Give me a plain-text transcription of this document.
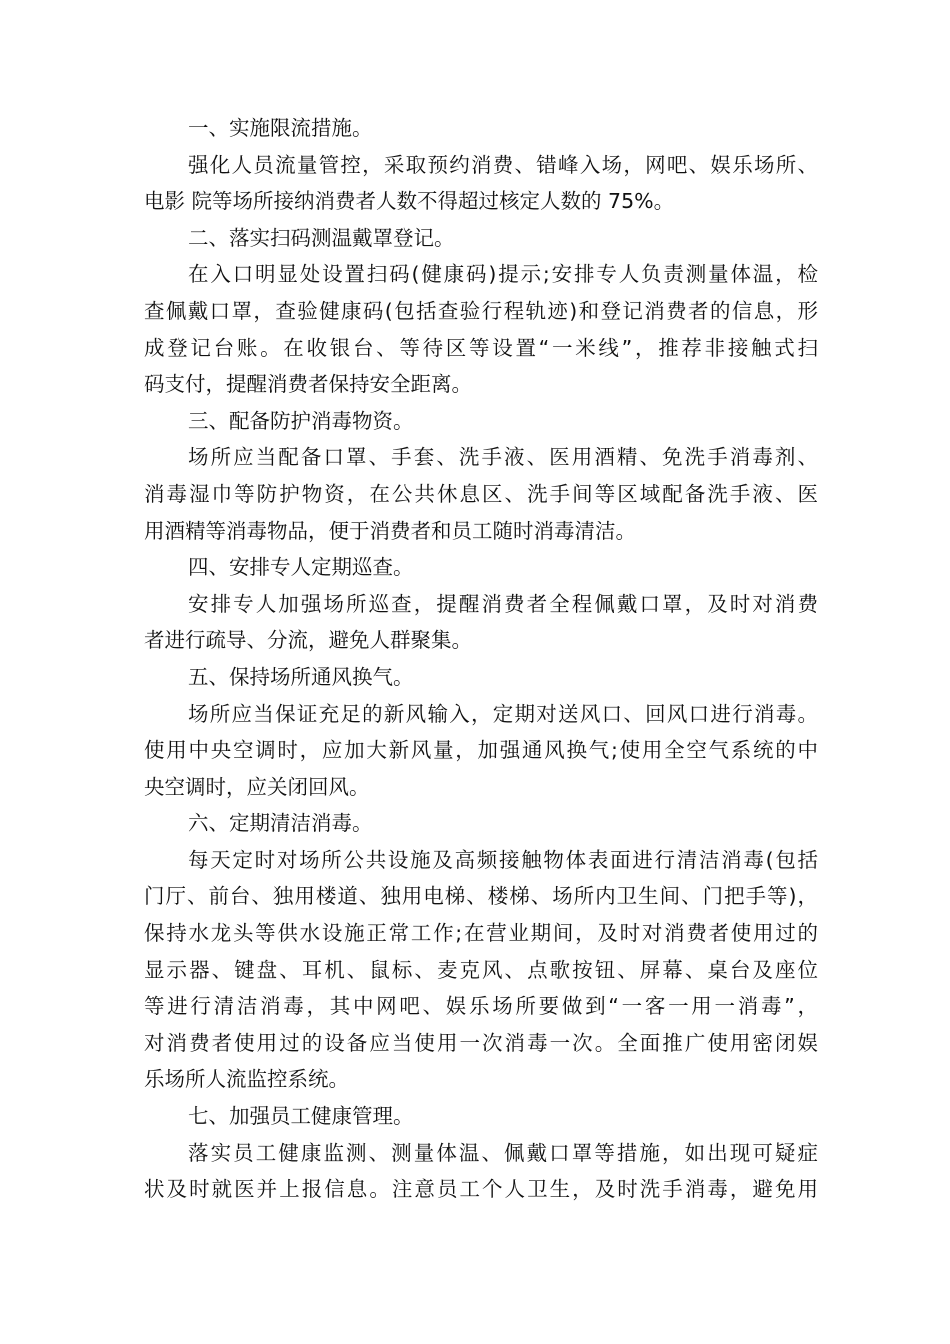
一、实施限流措施。
强化人员流量管控，采取预约消费、错峰入场，网吧、娱乐场所、
电影 院等场所接纳消费者人数不得超过核定人数的 75%。
二、落实扫码测温戴罩登记。
在入口明显处设置扫码(健康码)提示;安排专人负责测量体温，检
查佩戴口罩，查验健康码(包括查验行程轨迹)和登记消费者的信息，形
成登记台账。在收银台、等待区等设置“一米线”，推荐非接触式扫
码支付，提醒消费者保持安全距离。
三、配备防护消毒物资。
场所应当配备口罩、手套、洗手液、医用酒精、免洗手消毒剂、
消毒湿巾等防护物资，在公共休息区、洗手间等区域配备洗手液、医
用酒精等消毒物品，便于消费者和员工随时消毒清洁。
四、安排专人定期巡查。
安排专人加强场所巡查，提醒消费者全程佩戴口罩，及时对消费
者进行疏导、分流，避免人群聚集。
五、保持场所通风换气。
场所应当保证充足的新风输入，定期对送风口、回风口进行消毒。
使用中央空调时，应加大新风量，加强通风换气;使用全空气系统的中
央空调时，应关闭回风。
六、定期清洁消毒。
每天定时对场所公共设施及高频接触物体表面进行清洁消毒(包括
门厅、前台、独用楼道、独用电梯、楼梯、场所内卫生间、门把手等)，
保持水龙头等供水设施正常工作;在营业期间，及时对消费者使用过的
显示器、键盘、耳机、鼠标、麦克风、点歌按钮、屏幕、桌台及座位
等进行清洁消毒，其中网吧、娱乐场所要做到“一客一用一消毒”，
对消费者使用过的设备应当使用一次消毒一次。全面推广使用密闭娱
乐场所人流监控系统。
七、加强员工健康管理。
落实员工健康监测、测量体温、佩戴口罩等措施，如出现可疑症
状及时就医并上报信息。注意员工个人卫生，及时洗手消毒，避免用
